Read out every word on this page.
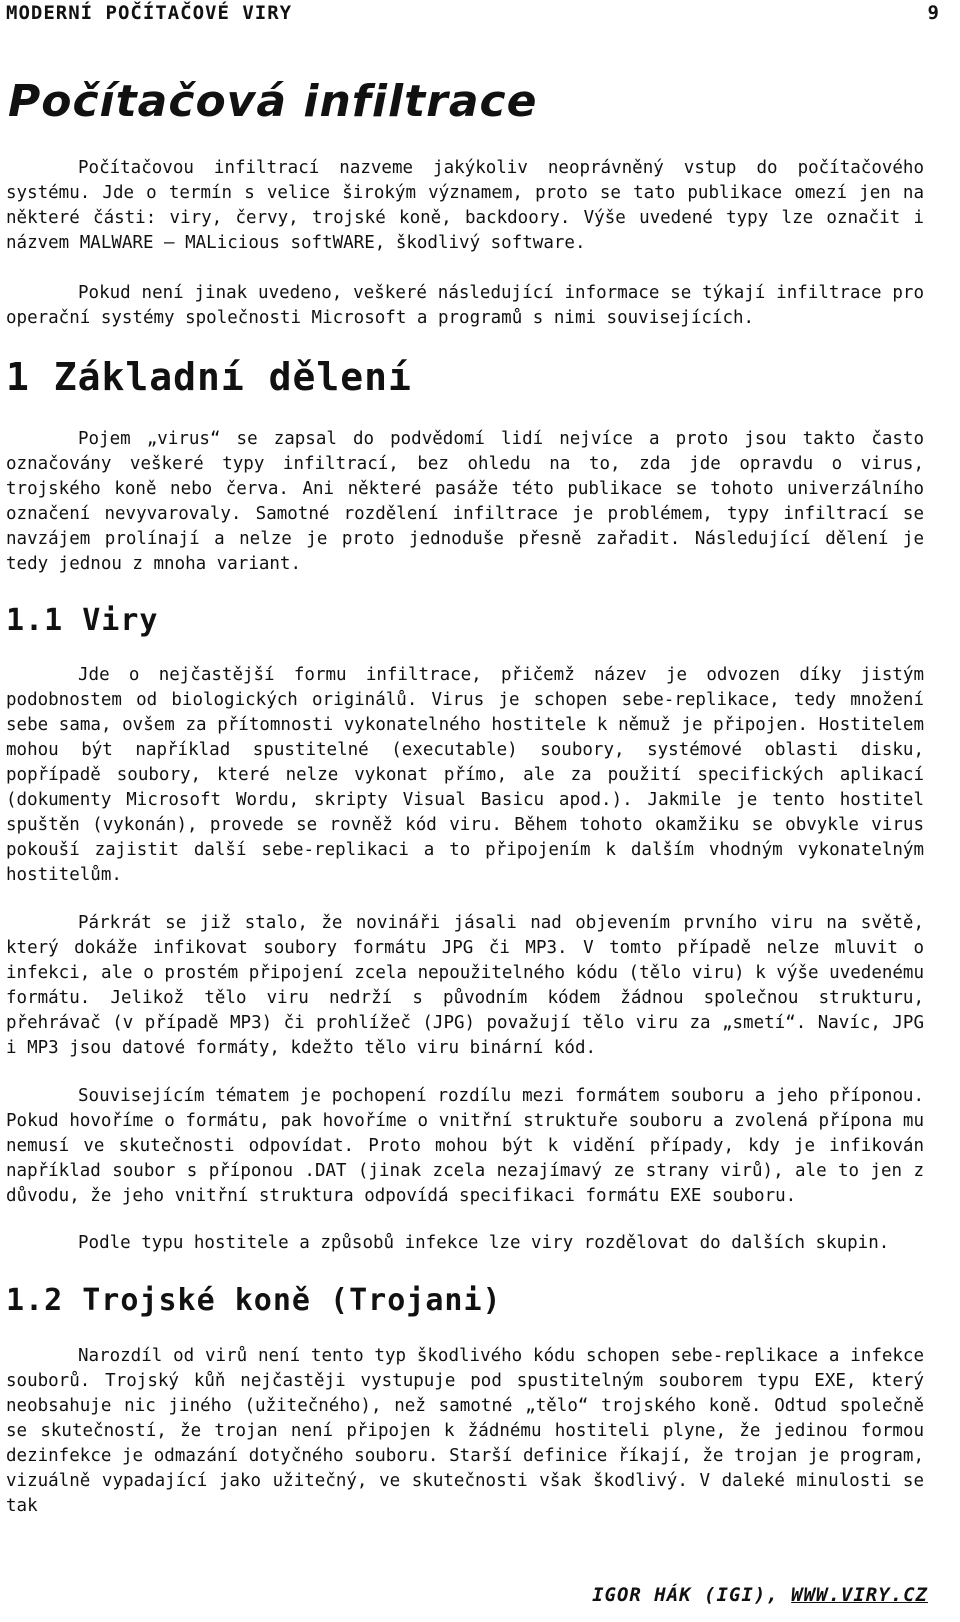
MODERNÍ POČÍTAČOVÉ VIRY	9
Počítačová infiltrace

Počítačovou infiltrací nazveme jakýkoliv neoprávněný vstup do počítačového systému. Jde o termín s velice širokým významem, proto se tato publikace omezí jen na některé části: viry, červy, trojské koně, backdoory. Výše uvedené typy lze označit i názvem MALWARE – MALicious softWARE, škodlivý software.

Pokud není jinak uvedeno, veškeré následující informace se týkají infiltrace pro operační systémy společnosti Microsoft a programů s nimi souvisejících.

1 Základní dělení

Pojem „virus“ se zapsal do podvědomí lidí nejvíce a proto jsou takto často označovány veškeré typy infiltrací, bez ohledu na to, zda jde opravdu o virus, trojského koně nebo červa. Ani některé pasáže této publikace se tohoto univerzálního označení nevyvarovaly. Samotné rozdělení infiltrace je problémem, typy infiltrací se navzájem prolínají a nelze je proto jednoduše přesně zařadit. Následující dělení je tedy jednou z mnoha variant.

1.1 Viry

Jde o nejčastější formu infiltrace, přičemž název je odvozen díky jistým podobnostem od biologických originálů. Virus je schopen sebe-replikace, tedy množení sebe sama, ovšem za přítomnosti vykonatelného hostitele k němuž je připojen. Hostitelem mohou být například spustitelné (executable) soubory, systémové oblasti disku, popřípadě soubory, které nelze vykonat přímo, ale za použití specifických aplikací (dokumenty Microsoft Wordu, skripty Visual Basicu apod.). Jakmile je tento hostitel spuštěn (vykonán), provede se rovněž kód viru. Během tohoto okamžiku se obvykle virus pokouší zajistit další sebe-replikaci a to připojením k dalším vhodným vykonatelným hostitelům.

Párkrát se již stalo, že novináři jásali nad objevením prvního viru na světě, který dokáže infikovat soubory formátu JPG či MP3. V tomto případě nelze mluvit o infekci, ale o prostém připojení zcela nepoužitelného kódu (tělo viru) k výše uvedenému formátu. Jelikož tělo viru nedrží s původním kódem žádnou společnou strukturu, přehrávač (v případě MP3) či prohlížeč (JPG) považují tělo viru za „smetí“. Navíc, JPG i MP3 jsou datové formáty, kdežto tělo viru binární kód.

Souvisejícím tématem je pochopení rozdílu mezi formátem souboru a jeho příponou. Pokud hovoříme o formátu, pak hovoříme o vnitřní struktuře souboru a zvolená přípona mu nemusí ve skutečnosti odpovídat. Proto mohou být k vidění případy, kdy je infikován například soubor s příponou .DAT (jinak zcela nezajímavý ze strany virů), ale to jen z důvodu, že jeho vnitřní struktura odpovídá specifikaci formátu EXE souboru.

Podle typu hostitele a způsobů infekce lze viry rozdělovat do dalších skupin.

1.2 Trojské koně (Trojani)

Narozdíl od virů není tento typ škodlivého kódu schopen sebe-replikace a infekce souborů. Trojský kůň nejčastěji vystupuje pod spustitelným souborem typu EXE, který neobsahuje nic jiného (užitečného), než samotné „tělo“ trojského koně. Odtud společně se skutečností, že trojan není připojen k žádnému hostiteli plyne, že jedinou formou dezinfekce je odmazání dotyčného souboru. Starší definice říkají, že trojan je program, vizuálně vypadající jako užitečný, ve skutečnosti však škodlivý. V daleké minulosti se tak

IGOR HÁK (IGI), WWW.VIRY.CZ
